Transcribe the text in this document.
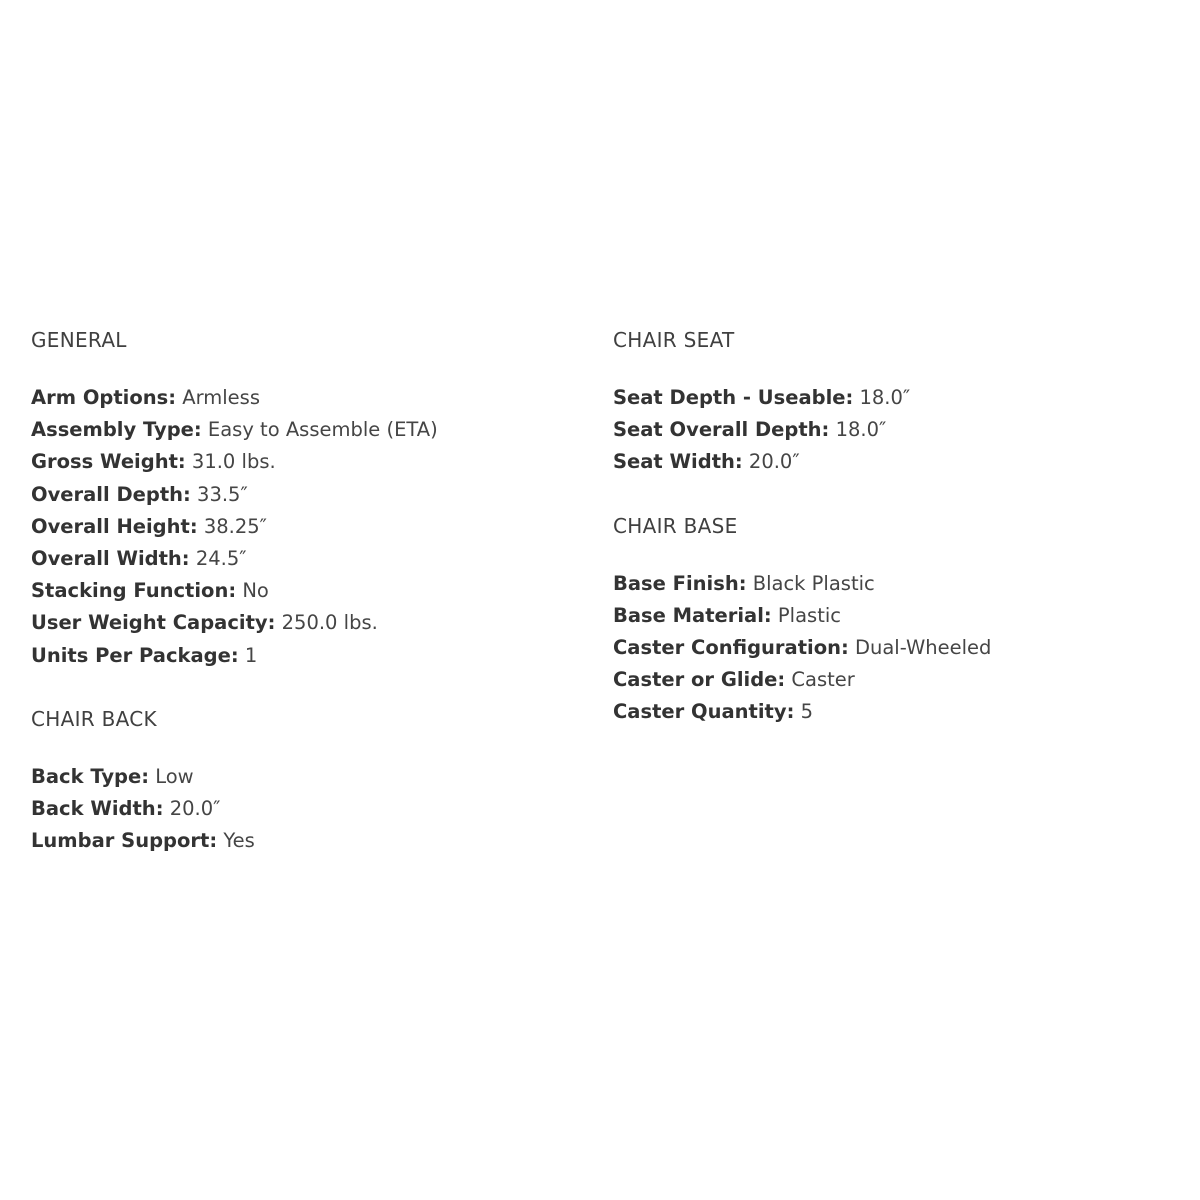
GENERAL
Arm Options: Armless
Assembly Type: Easy to Assemble (ETA)
Gross Weight: 31.0 lbs.
Overall Depth: 33.5″
Overall Height: 38.25″
Overall Width: 24.5″
Stacking Function: No
User Weight Capacity: 250.0 lbs.
Units Per Package: 1
CHAIR BACK
Back Type: Low
Back Width: 20.0″
Lumbar Support: Yes
CHAIR SEAT
Seat Depth - Useable: 18.0″
Seat Overall Depth: 18.0″
Seat Width: 20.0″
CHAIR BASE
Base Finish: Black Plastic
Base Material: Plastic
Caster Configuration: Dual-Wheeled
Caster or Glide: Caster
Caster Quantity: 5
